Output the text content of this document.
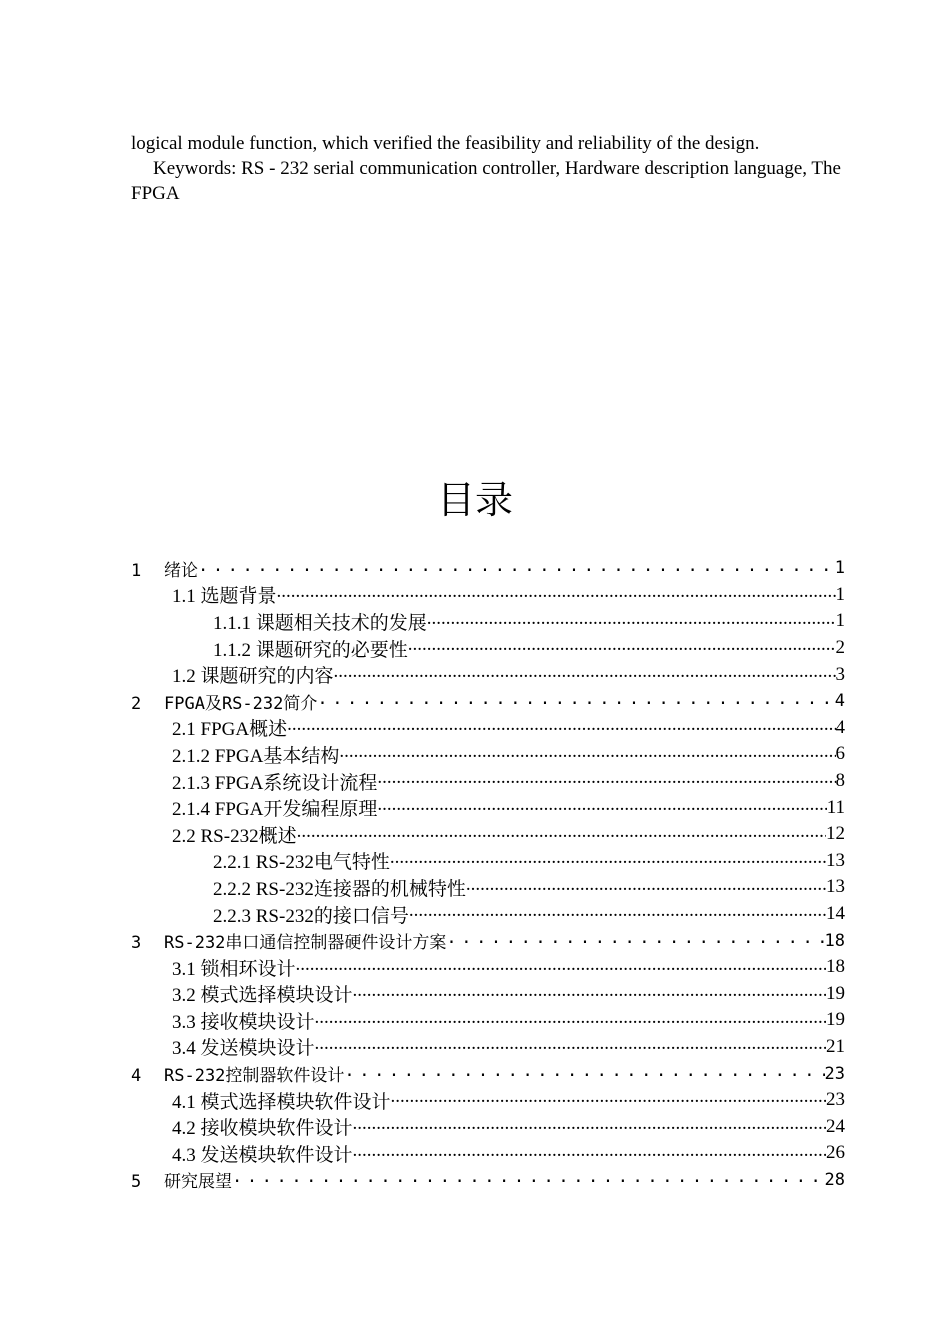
logical module function, which verified the feasibility and reliability of the design.

Keywords: RS - 232 serial communication controller, Hardware description language, The FPGA

目录
1 绪论 .....	1
1.1 选题背景 .....	1
1.1.1 课题相关技术的发展 .....	1
1.1.2 课题研究的必要性 .....	2
1.2 课题研究的内容 .....	3
2 FPGA及RS-232简介 .....	4
2.1 FPGA概述 .....	4
2.1.2 FPGA基本结构 .....	6
2.1.3 FPGA系统设计流程 .....	8
2.1.4 FPGA开发编程原理 .....	11
2.2 RS-232概述 .....	12
2.2.1 RS-232电气特性 .....	13
2.2.2 RS-232连接器的机械特性 .....	13
2.2.3 RS-232的接口信号 .....	14
3 RS-232串口通信控制器硬件设计方案 .....	18
3.1 锁相环设计 .....	18
3.2 模式选择模块设计 .....	19
3.3 接收模块设计 .....	19
3.4 发送模块设计 .....	21
4 RS-232控制器软件设计 .....	23
4.1 模式选择模块软件设计 .....	23
4.2 接收模块软件设计 .....	24
4.3 发送模块软件设计 .....	26
5 研究展望 .....	28
